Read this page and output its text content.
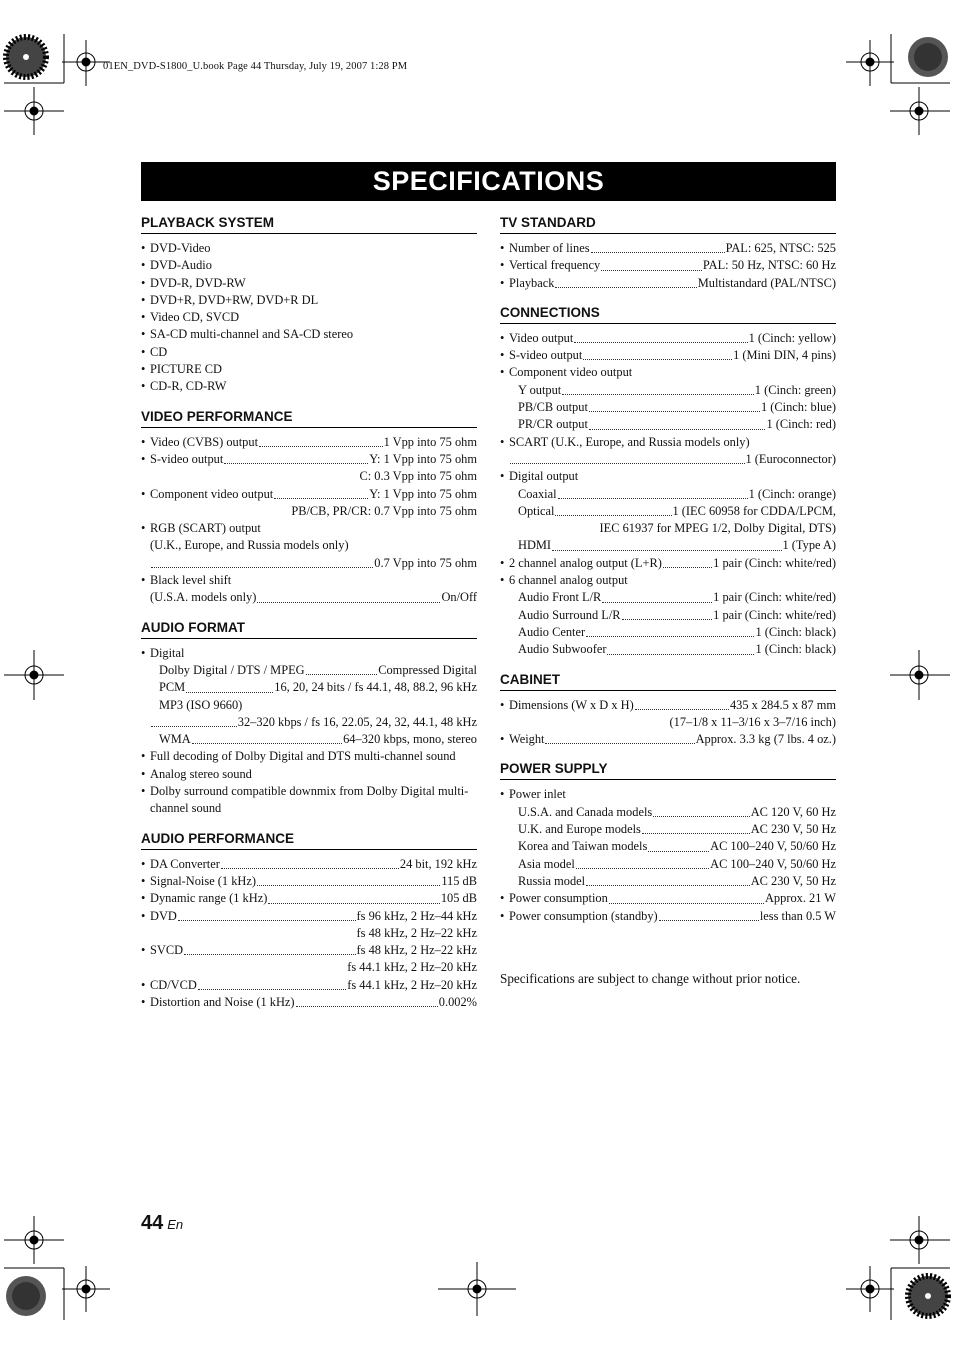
01EN_DVD-S1800_U.book Page 44 Thursday, July 19, 2007 1:28 PM
SPECIFICATIONS
PLAYBACK SYSTEM
• DVD-Video
• DVD-Audio
• DVD-R, DVD-RW
• DVD+R, DVD+RW, DVD+R DL
• Video CD, SVCD
• SA-CD multi-channel and SA-CD stereo
• CD
• PICTURE CD
• CD-R, CD-RW
VIDEO PERFORMANCE
• Video (CVBS) output	1 Vpp into 75 ohm
• S-video output	Y: 1 Vpp into 75 ohm
C: 0.3 Vpp into 75 ohm
• Component video output	Y: 1 Vpp into 75 ohm
PB/CB, PR/CR: 0.7 Vpp into 75 ohm
• RGB (SCART) output
(U.K., Europe, and Russia models only)
0.7 Vpp into 75 ohm
• Black level shift
(U.S.A. models only)	On/Off
AUDIO FORMAT
• Digital
Dolby Digital / DTS / MPEG	Compressed Digital
PCM	16, 20, 24 bits / fs 44.1, 48, 88.2, 96 kHz
MP3 (ISO 9660)
32–320 kbps / fs 16, 22.05, 24, 32, 44.1, 48 kHz
WMA	64–320 kbps, mono, stereo
• Full decoding of Dolby Digital and DTS multi-channel sound
• Analog stereo sound
• Dolby surround compatible downmix from Dolby Digital multi-channel sound
AUDIO PERFORMANCE
• DA Converter	24 bit, 192 kHz
• Signal-Noise (1 kHz)	115 dB
• Dynamic range (1 kHz)	105 dB
• DVD	fs 96 kHz, 2 Hz–44 kHz
fs 48 kHz, 2 Hz–22 kHz
• SVCD	fs 48 kHz, 2 Hz–22 kHz
fs 44.1 kHz, 2 Hz–20 kHz
• CD/VCD	fs 44.1 kHz, 2 Hz–20 kHz
• Distortion and Noise (1 kHz)	0.002%
TV STANDARD
• Number of lines	PAL: 625, NTSC: 525
• Vertical frequency	PAL: 50 Hz, NTSC: 60 Hz
• Playback	Multistandard (PAL/NTSC)
CONNECTIONS
• Video output	1 (Cinch: yellow)
• S-video output	1 (Mini DIN, 4 pins)
• Component video output
Y output	1 (Cinch: green)
PB/CB output	1 (Cinch: blue)
PR/CR output	1 (Cinch: red)
• SCART (U.K., Europe, and Russia models only)
1 (Euroconnector)
• Digital output
Coaxial	1 (Cinch: orange)
Optical	1 (IEC 60958 for CDDA/LPCM,
IEC 61937 for MPEG 1/2, Dolby Digital, DTS)
HDMI	1 (Type A)
• 2 channel analog output (L+R)	1 pair (Cinch: white/red)
• 6 channel analog output
Audio Front L/R	1 pair (Cinch: white/red)
Audio Surround L/R	1 pair (Cinch: white/red)
Audio Center	1 (Cinch: black)
Audio Subwoofer	1 (Cinch: black)
CABINET
• Dimensions (W x D x H)	435 x 284.5 x 87 mm
(17–1/8 x 11–3/16 x 3–7/16 inch)
• Weight	Approx. 3.3 kg (7 lbs. 4 oz.)
POWER SUPPLY
• Power inlet
U.S.A. and Canada models	AC 120 V, 60 Hz
U.K. and Europe models	AC 230 V, 50 Hz
Korea and Taiwan models	AC 100–240 V, 50/60 Hz
Asia model	AC 100–240 V, 50/60 Hz
Russia model	AC 230 V, 50 Hz
• Power consumption	Approx. 21 W
• Power consumption (standby)	less than 0.5 W
Specifications are subject to change without prior notice.
44 En
